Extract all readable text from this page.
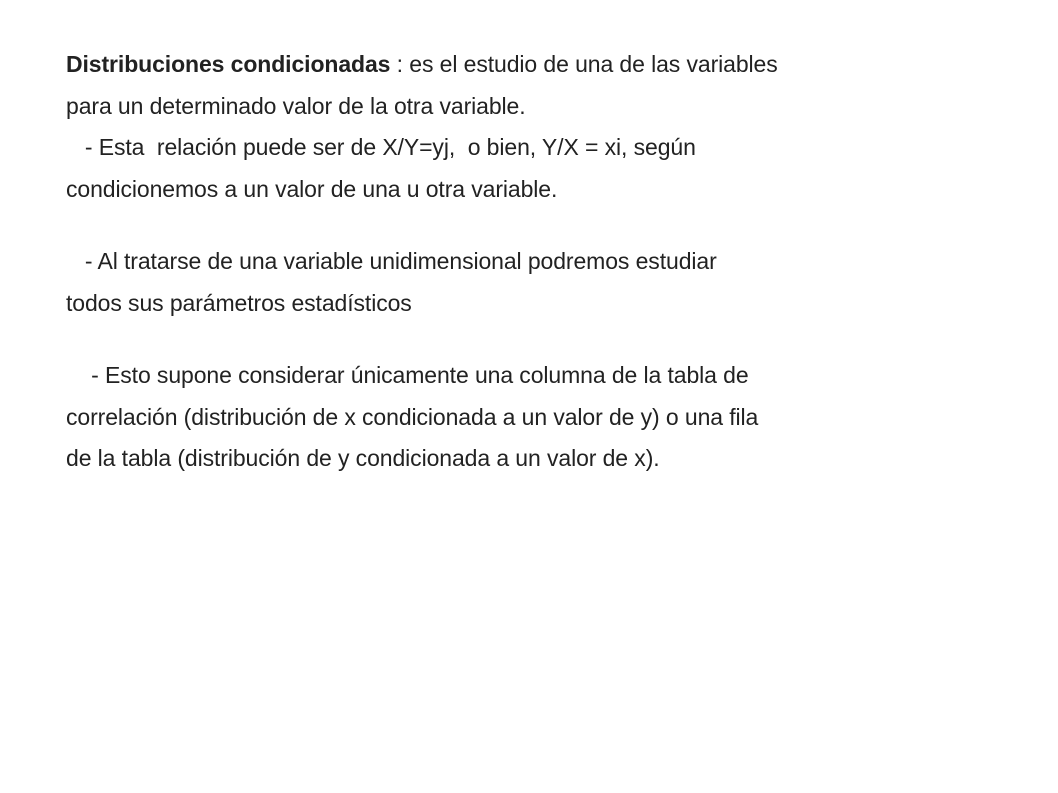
Distribuciones condicionadas : es el estudio de una de las variables
para un determinado valor de la otra variable.
- Esta  relación puede ser de X/Y=yj,  o bien, Y/X = xi, según
condicionemos a un valor de una u otra variable.
- Al tratarse de una variable unidimensional podremos estudiar
todos sus parámetros estadísticos
- Esto supone considerar únicamente una columna de la tabla de
correlación (distribución de x condicionada a un valor de y) o una fila
de la tabla (distribución de y condicionada a un valor de x).
